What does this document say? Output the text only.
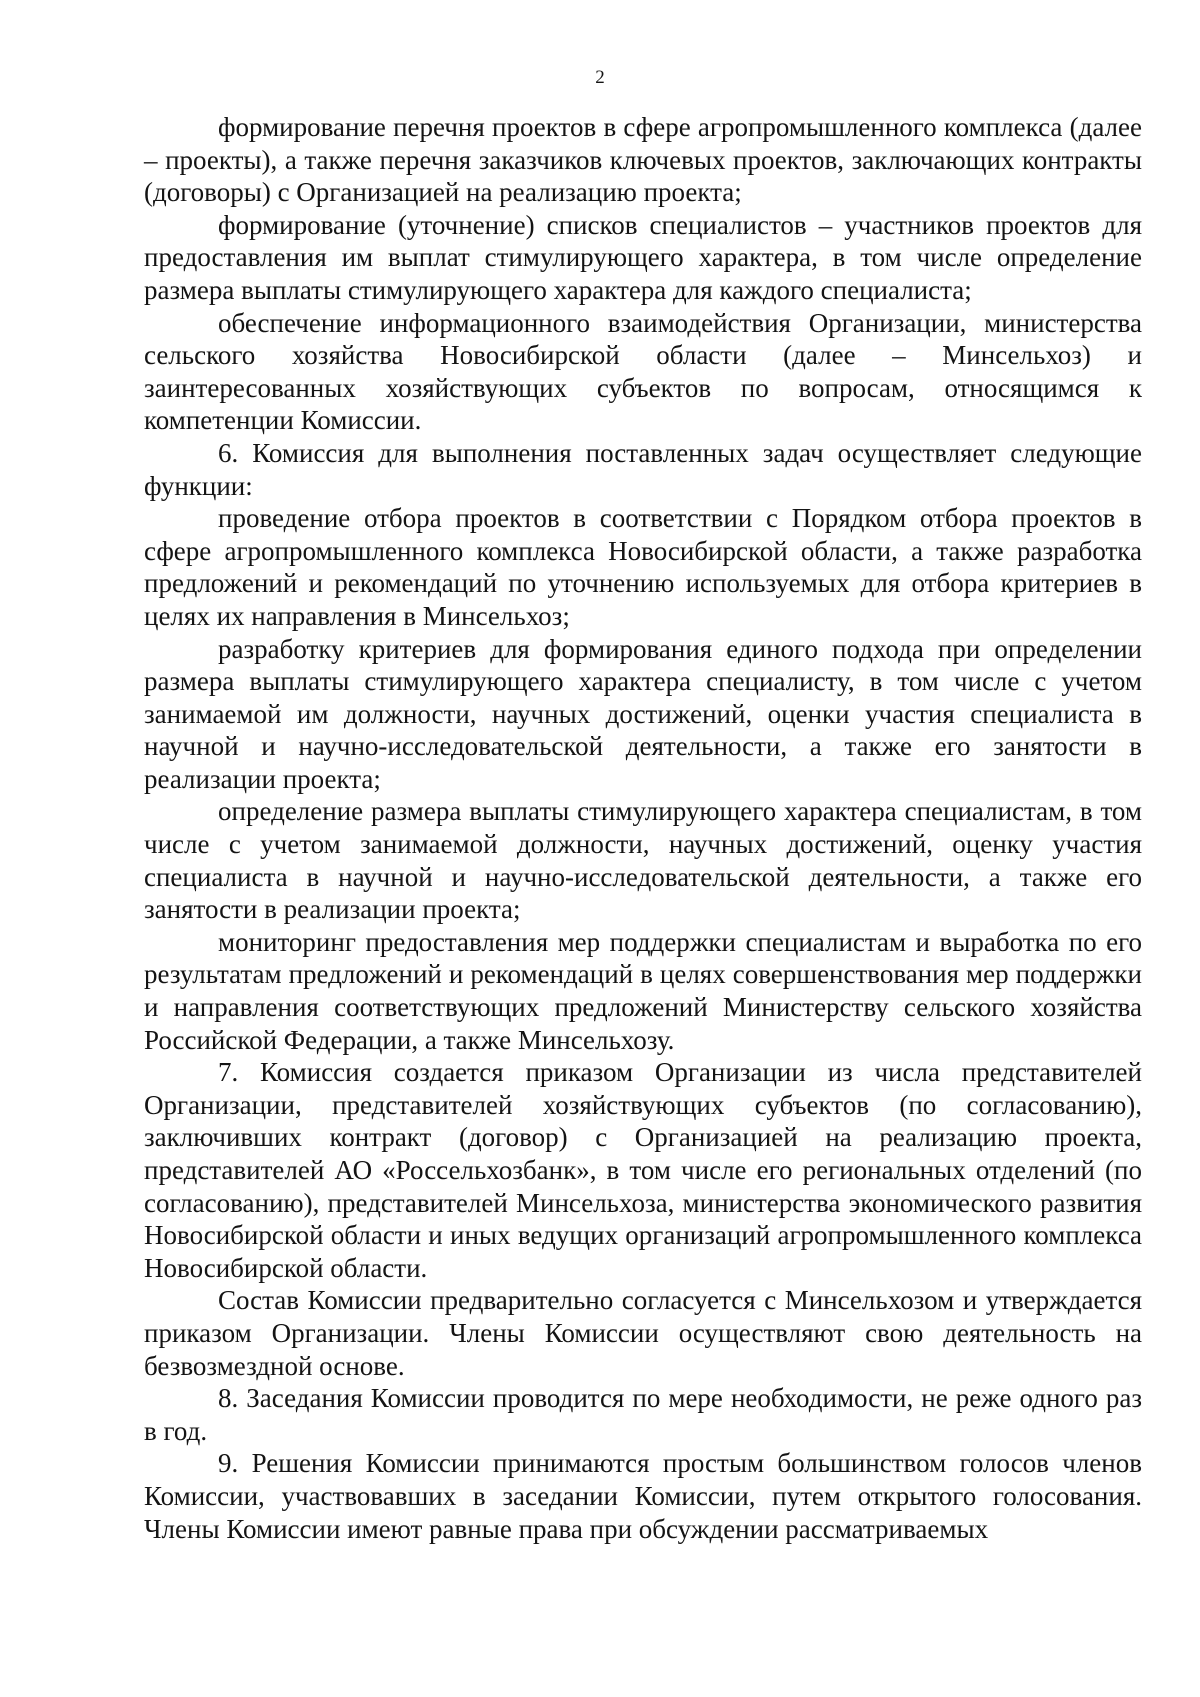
2

формирование перечня проектов в сфере агропромышленного комплекса (далее – проекты), а также перечня заказчиков ключевых проектов, заключающих контракты (договоры) с Организацией на реализацию проекта;

формирование (уточнение) списков специалистов – участников проектов для предоставления им выплат стимулирующего характера, в том числе определение размера выплаты стимулирующего характера для каждого специалиста;

обеспечение информационного взаимодействия Организации, министерства сельского хозяйства Новосибирской области (далее – Минсельхоз) и заинтересованных хозяйствующих субъектов по вопросам, относящимся к компетенции Комиссии.

6. Комиссия для выполнения поставленных задач осуществляет следующие функции:

проведение отбора проектов в соответствии с Порядком отбора проектов в сфере агропромышленного комплекса Новосибирской области, а также разработка предложений и рекомендаций по уточнению используемых для отбора критериев в целях их направления в Минсельхоз;

разработку критериев для формирования единого подхода при определении размера выплаты стимулирующего характера специалисту, в том числе с учетом занимаемой им должности, научных достижений, оценки участия специалиста в научной и научно-исследовательской деятельности, а также его занятости в реализации проекта;

определение размера выплаты стимулирующего характера специалистам, в том числе с учетом занимаемой должности, научных достижений, оценку участия специалиста в научной и научно-исследовательской деятельности, а также его занятости в реализации проекта;

мониторинг предоставления мер поддержки специалистам и выработка по его результатам предложений и рекомендаций в целях совершенствования мер поддержки и направления соответствующих предложений Министерству сельского хозяйства Российской Федерации, а также Минсельхозу.

7. Комиссия создается приказом Организации из числа представителей Организации, представителей хозяйствующих субъектов (по согласованию), заключивших контракт (договор) с Организацией на реализацию проекта, представителей АО «Россельхозбанк», в том числе его региональных отделений (по согласованию), представителей Минсельхоза, министерства экономического развития Новосибирской области и иных ведущих организаций агропромышленного комплекса Новосибирской области.

Состав Комиссии предварительно согласуется с Минсельхозом и утверждается приказом Организации. Члены Комиссии осуществляют свою деятельность на безвозмездной основе.

8. Заседания Комиссии проводится по мере необходимости, не реже одного раз в год.

9. Решения Комиссии принимаются простым большинством голосов членов Комиссии, участвовавших в заседании Комиссии, путем открытого голосования. Члены Комиссии имеют равные права при обсуждении рассматриваемых
